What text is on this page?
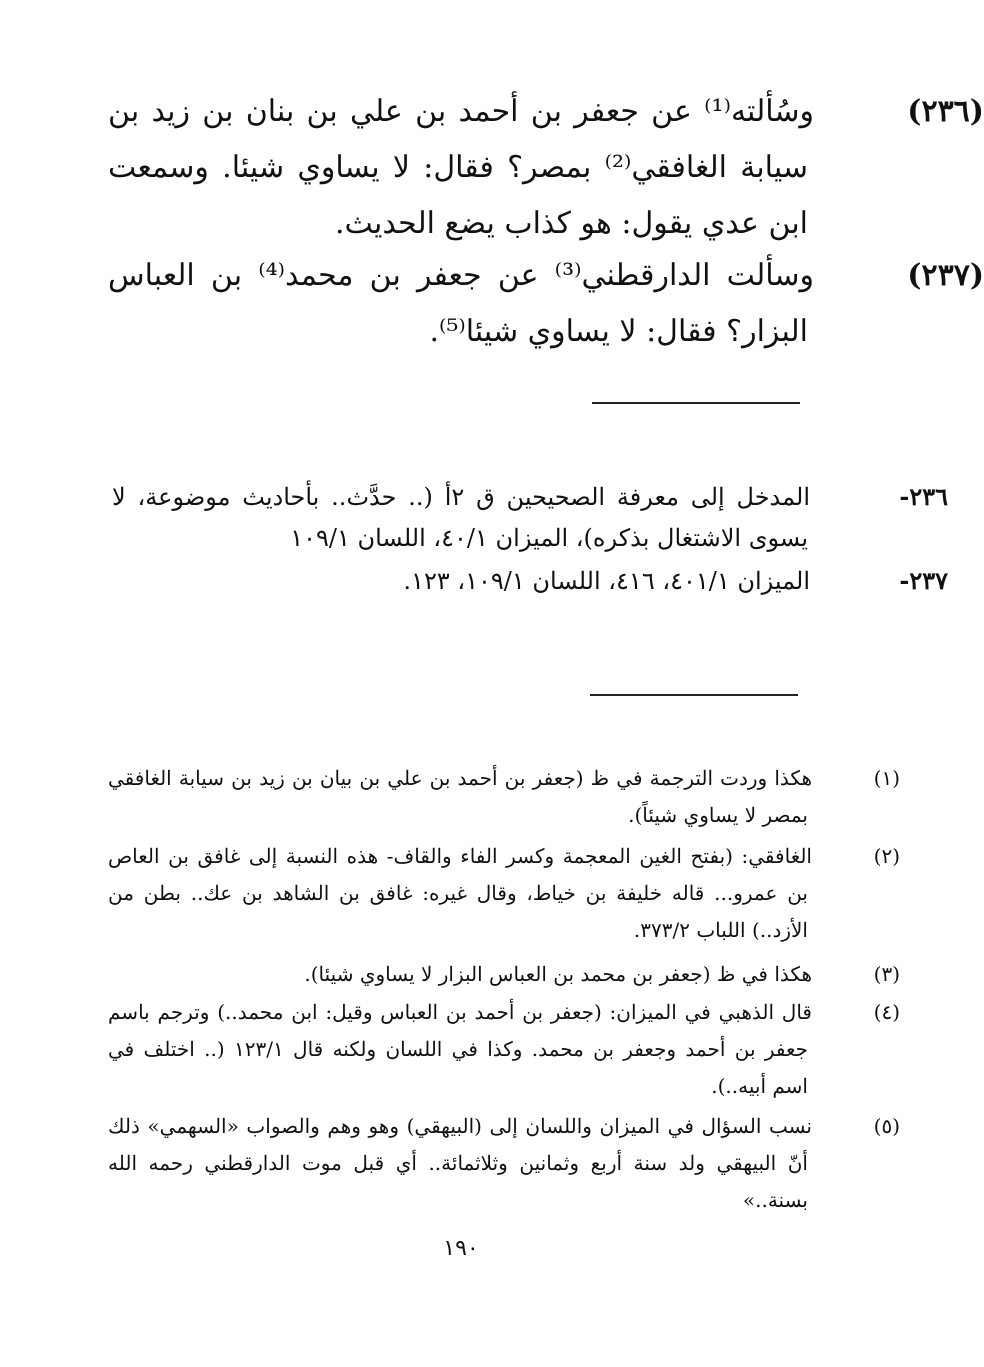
(٢٣٦)وسُألته⁽¹⁾ عن جعفر بن أحمد بن علي بن بنان بن زيد بن سيابة الغافقي⁽²⁾ بمصر؟ فقال: لا يساوي شيئا. وسمعت ابن عدي يقول: هو كذاب يضع الحديث.
(٢٣٧)وسألت الدارقطني⁽³⁾ عن جعفر بن محمد⁽⁴⁾ بن العباس البزار؟ فقال: لا يساوي شيئا⁽⁵⁾.
٢٣٦-المدخل إلى معرفة الصحيحين ق ٢أ (.. حدَّث.. بأحاديث موضوعة، لا يسوى الاشتغال بذكره)، الميزان ٤٠/١، اللسان ١٠٩/١
٢٣٧-الميزان ٤٠١/١، ٤١٦، اللسان ١٠٩/١، ١٢٣.
(١)هكذا وردت الترجمة في ظ (جعفر بن أحمد بن علي بن بيان بن زيد بن سيابة الغافقي بمصر لا يساوي شيئاً).
(٢)الغافقي: (بفتح الغين المعجمة وكسر الفاء والقاف- هذه النسبة إلى غافق بن العاص بن عمرو... قاله خليفة بن خياط، وقال غيره: غافق بن الشاهد بن عك.. بطن من الأزد..) اللباب ٣٧٣/٢.
(٣)هكذا في ظ (جعفر بن محمد بن العباس البزار لا يساوي شيئا).
(٤)قال الذهبي في الميزان: (جعفر بن أحمد بن العباس وقيل: ابن محمد..) وترجم باسم جعفر بن أحمد وجعفر بن محمد. وكذا في اللسان ولكنه قال ١٢٣/١ (.. اختلف في اسم أبيه..).
(٥)نسب السؤال في الميزان واللسان إلى (البيهقي) وهو وهم والصواب «السهمي» ذلك أنّ البيهقي ولد سنة أربع وثمانين وثلاثمائة.. أي قبل موت الدارقطني رحمه الله بسنة..»
١٩٠
